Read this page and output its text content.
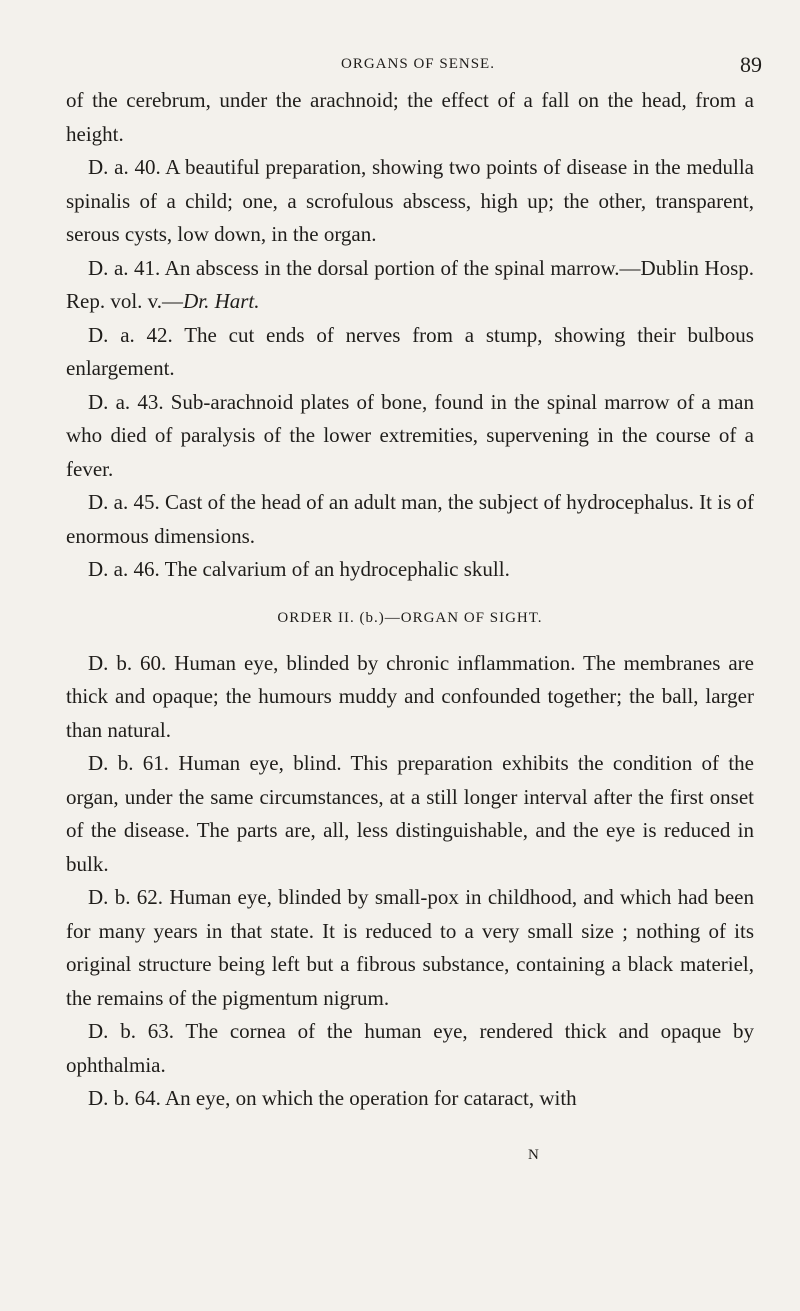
ORGANS OF SENSE.	89

of the cerebrum, under the arachnoid; the effect of a fall on the head, from a height.

D. a. 40. A beautiful preparation, showing two points of disease in the medulla spinalis of a child; one, a scrofulous abscess, high up; the other, transparent, serous cysts, low down, in the organ.

D. a. 41. An abscess in the dorsal portion of the spinal marrow.—Dublin Hosp. Rep. vol. v.—Dr. Hart.

D. a. 42. The cut ends of nerves from a stump, showing their bulbous enlargement.

D. a. 43. Sub-arachnoid plates of bone, found in the spinal marrow of a man who died of paralysis of the lower extremities, supervening in the course of a fever.

D. a. 45. Cast of the head of an adult man, the subject of hydrocephalus. It is of enormous dimensions.

D. a. 46. The calvarium of an hydrocephalic skull.

ORDER II. (b.)—ORGAN OF SIGHT.

D. b. 60. Human eye, blinded by chronic inflammation. The membranes are thick and opaque; the humours muddy and confounded together; the ball, larger than natural.

D. b. 61. Human eye, blind. This preparation exhibits the condition of the organ, under the same circumstances, at a still longer interval after the first onset of the disease. The parts are, all, less distinguishable, and the eye is reduced in bulk.

D. b. 62. Human eye, blinded by small-pox in childhood, and which had been for many years in that state. It is reduced to a very small size ; nothing of its original structure being left but a fibrous substance, containing a black materiel, the remains of the pigmentum nigrum.

D. b. 63. The cornea of the human eye, rendered thick and opaque by ophthalmia.

D. b. 64. An eye, on which the operation for cataract, with

N
